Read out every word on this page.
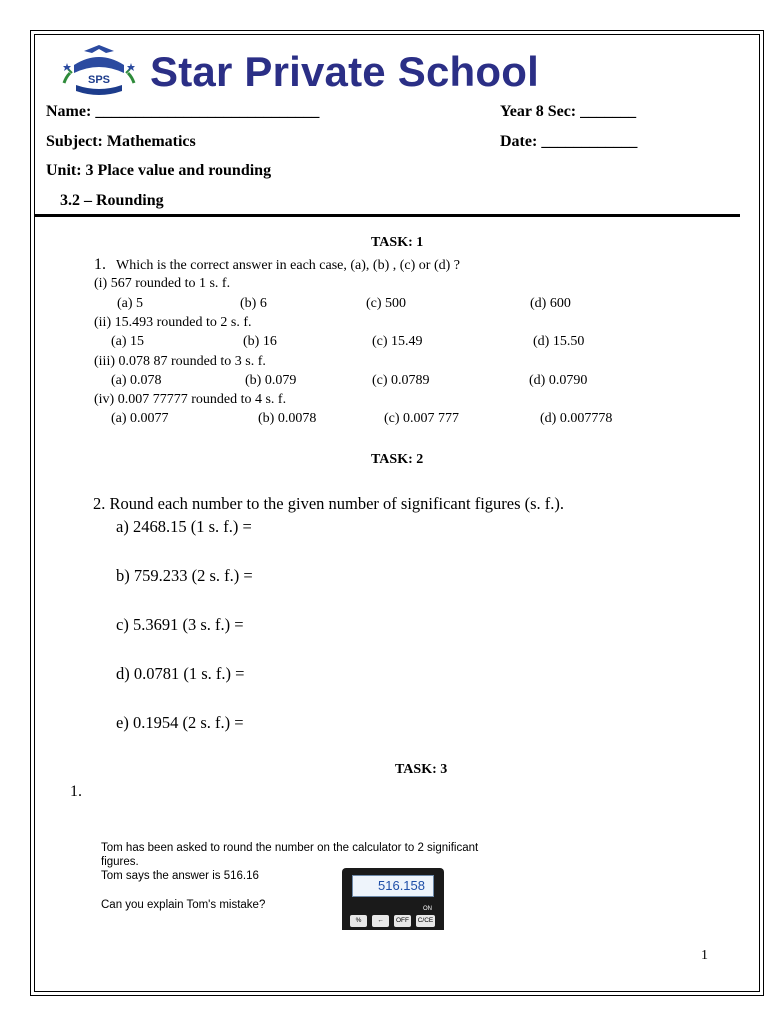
SPS Star Private School
Name: ____________________________	Year 8 Sec: _______
Subject: Mathematics	Date: ____________
Unit: 3 Place value and rounding
3.2 – Rounding
TASK: 1
1. Which is the correct answer in each case, (a), (b) , (c) or (d) ?
(i) 567 rounded to 1 s. f.
(a) 5	(b) 6	(c) 500	(d) 600
(ii) 15.493 rounded to 2 s. f.
(a) 15	(b) 16	(c) 15.49	(d) 15.50
(iii) 0.078 87 rounded to 3 s. f.
(a) 0.078	(b) 0.079	(c) 0.0789	(d) 0.0790
(iv) 0.007 77777 rounded to 4 s. f.
(a) 0.0077	(b) 0.0078	(c) 0.007 777	(d) 0.007778
TASK: 2
2. Round each number to the given number of significant figures (s. f.).
a) 2468.15 (1 s. f.) =
b) 759.233 (2 s. f.) =
c) 5.3691 (3 s. f.) =
d) 0.0781 (1 s. f.) =
e) 0.1954 (2 s. f.) =
TASK: 3
1.
Tom has been asked to round the number on the calculator to 2 significant
figures.
Tom says the answer is 516.16
Can you explain Tom's mistake?
516.158
ON
%	←	OFF	C/CE
1
